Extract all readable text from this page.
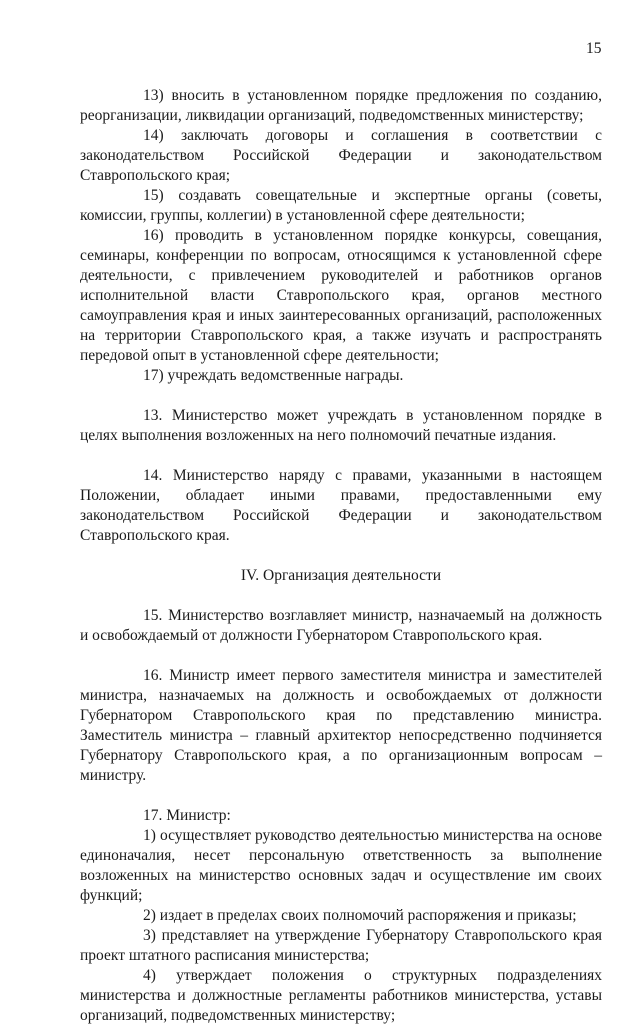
15

13) вносить в установленном порядке предложения по созданию, реорганизации, ликвидации организаций, подведомственных министерству;

14) заключать договоры и соглашения в соответствии с законодательством Российской Федерации и законодательством Ставропольского края;

15) создавать совещательные и экспертные органы (советы, комиссии, группы, коллегии) в установленной сфере деятельности;

16) проводить в установленном порядке конкурсы, совещания, семинары, конференции по вопросам, относящимся к установленной сфере деятельности, с привлечением руководителей и работников органов исполнительной власти Ставропольского края, органов местного самоуправления края и иных заинтересованных организаций, расположенных на территории Ставропольского края, а также изучать и распространять передовой опыт в установленной сфере деятельности;

17) учреждать ведомственные награды.

13. Министерство может учреждать в установленном порядке в целях выполнения возложенных на него полномочий печатные издания.

14. Министерство наряду с правами, указанными в настоящем Положении, обладает иными правами, предоставленными ему законодательством Российской Федерации и законодательством Ставропольского края.

IV. Организация деятельности

15. Министерство возглавляет министр, назначаемый на должность и освобождаемый от должности Губернатором Ставропольского края.

16. Министр имеет первого заместителя министра и заместителей министра, назначаемых на должность и освобождаемых от должности Губернатором Ставропольского края по представлению министра. Заместитель министра – главный архитектор непосредственно подчиняется Губернатору Ставропольского края, а по организационным вопросам – министру.

17. Министр:

1) осуществляет руководство деятельностью министерства на основе единоначалия, несет персональную ответственность за выполнение возложенных на министерство основных задач и осуществление им своих функций;

2) издает в пределах своих полномочий распоряжения и приказы;

3) представляет на утверждение Губернатору Ставропольского края проект штатного расписания министерства;

4) утверждает положения о структурных подразделениях министерства и должностные регламенты работников министерства, уставы организаций, подведомственных министерству;
